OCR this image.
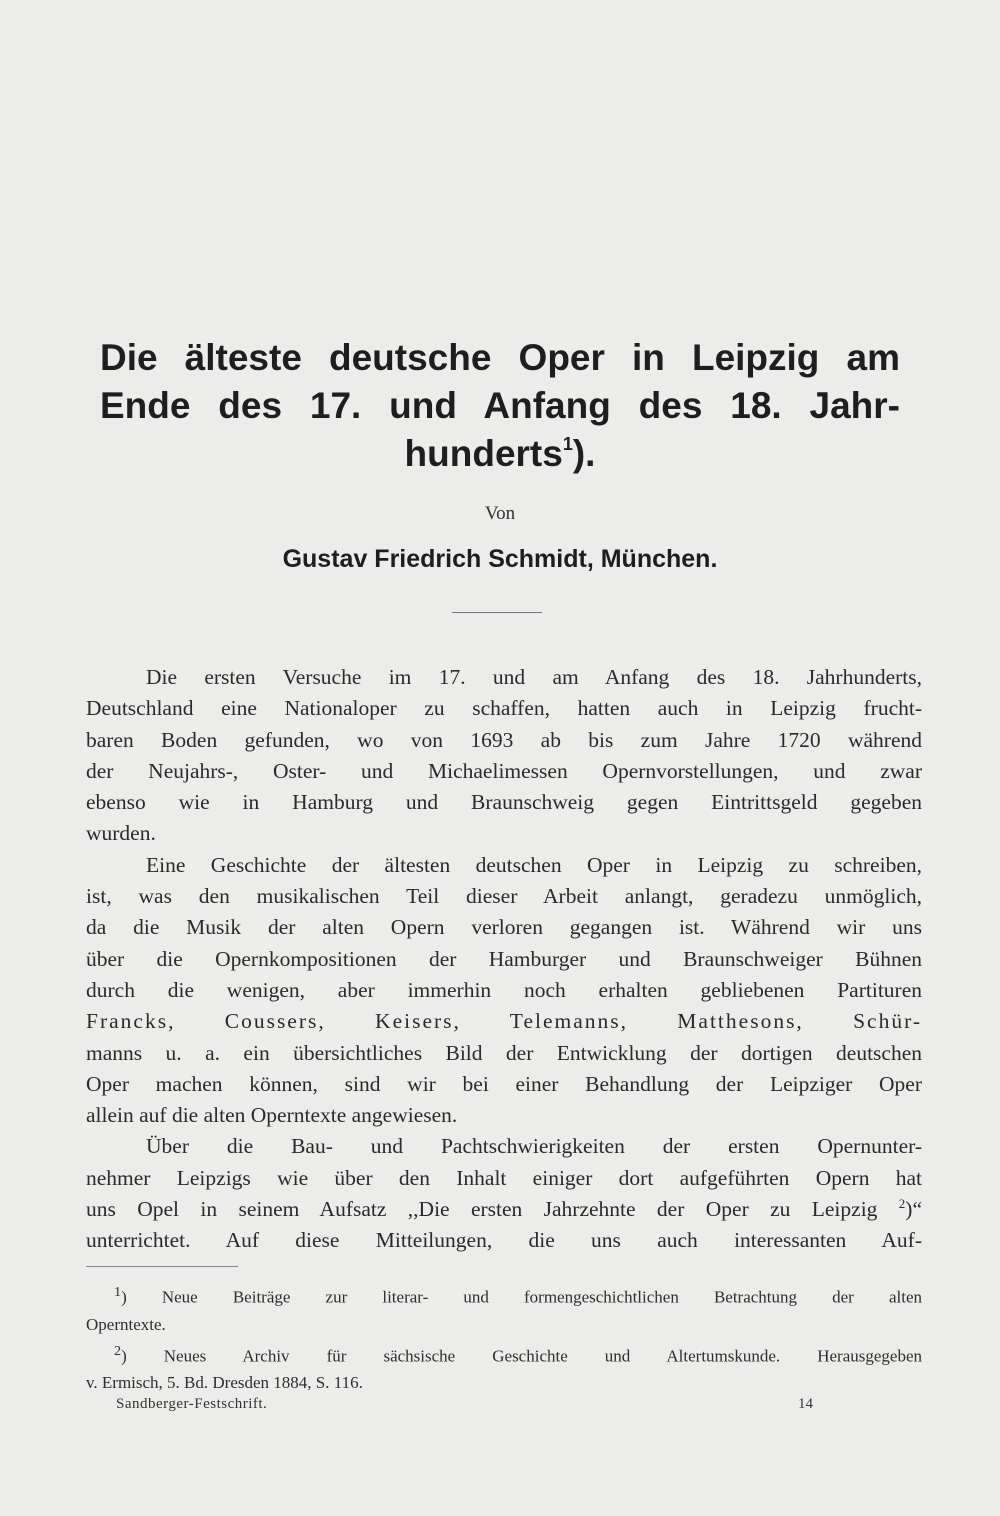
Die älteste deutsche Oper in Leipzig am
Ende des 17. und Anfang des 18. Jahr-
hunderts$^1$).
Von
Gustav Friedrich Schmidt, München.
Die ersten Versuche im 17. und am Anfang des 18. Jahrhunderts,
Deutschland eine Nationaloper zu schaffen, hatten auch in Leipzig frucht-
baren Boden gefunden, wo von 1693 ab bis zum Jahre 1720 während
der Neujahrs-, Oster- und Michaelimessen Opernvorstellungen, und zwar
ebenso wie in Hamburg und Braunschweig gegen Eintrittsgeld gegeben
wurden.
Eine Geschichte der ältesten deutschen Oper in Leipzig zu schreiben,
ist, was den musikalischen Teil dieser Arbeit anlangt, geradezu unmöglich,
da die Musik der alten Opern verloren gegangen ist. Während wir uns
über die Opernkompositionen der Hamburger und Braunschweiger Bühnen
durch die wenigen, aber immerhin noch erhalten gebliebenen Partituren
Francks, Coussers, Keisers, Telemanns, Matthesons, Schür-
manns u. a. ein übersichtliches Bild der Entwicklung der dortigen deutschen
Oper machen können, sind wir bei einer Behandlung der Leipziger Oper
allein auf die alten Operntexte angewiesen.
Über die Bau- und Pachtschwierigkeiten der ersten Opernunter-
nehmer Leipzigs wie über den Inhalt einiger dort aufgeführten Opern hat
uns Opel in seinem Aufsatz ,,Die ersten Jahrzehnte der Oper zu Leipzig $^2$)“
unterrichtet. Auf diese Mitteilungen, die uns auch interessanten Auf-
$^1$) Neue Beiträge zur literar- und formengeschichtlichen Betrachtung der alten
Operntexte.
$^2$) Neues Archiv für sächsische Geschichte und Altertumskunde. Herausgegeben
v. Ermisch, 5. Bd. Dresden 1884, S. 116.
Sandberger-Festschrift.	14
